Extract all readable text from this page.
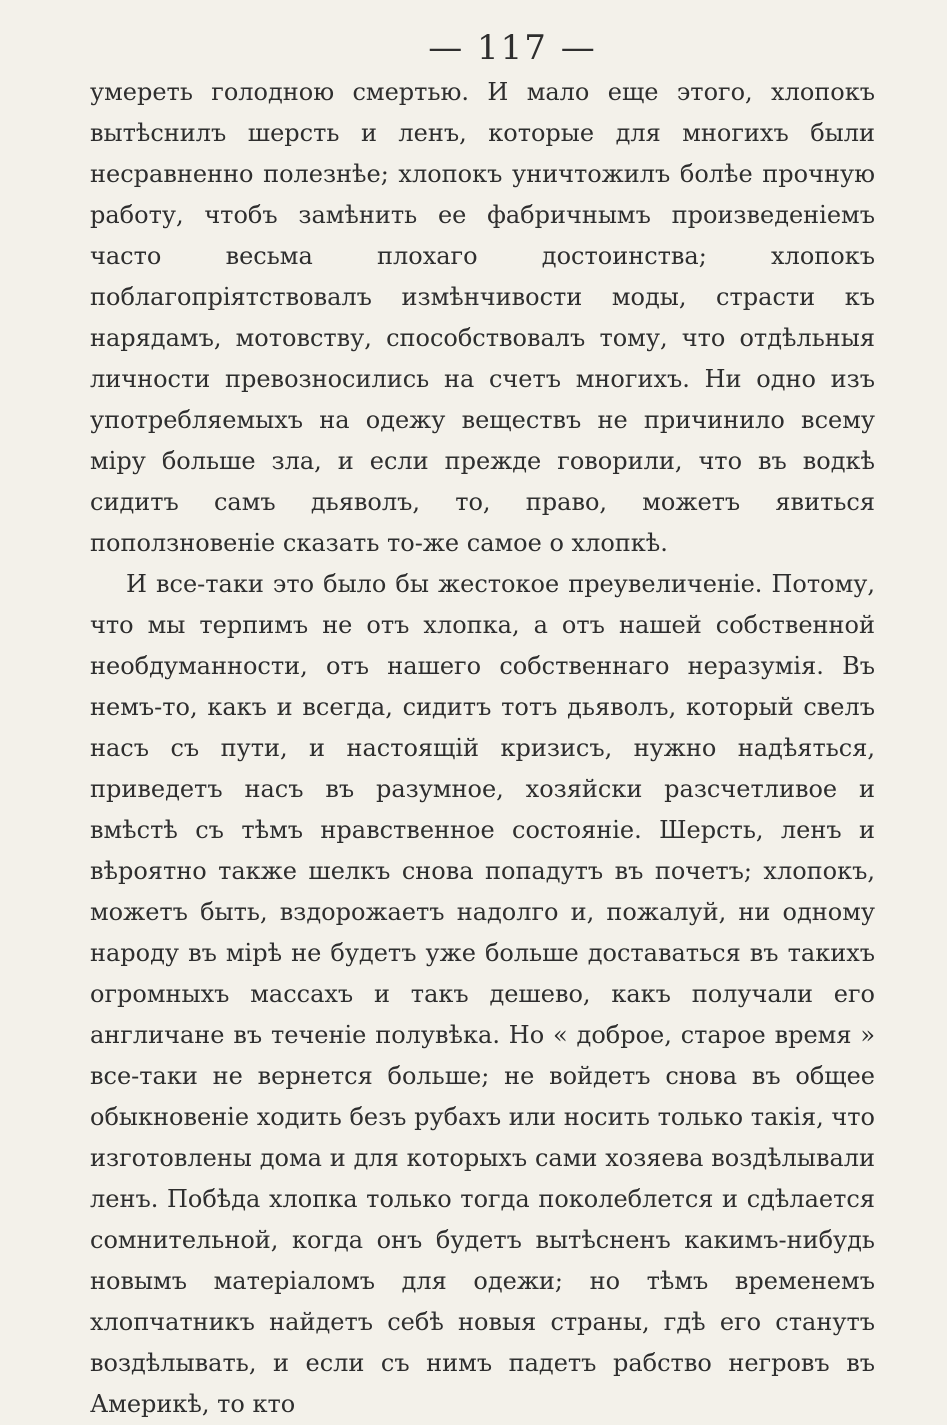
— 117 —

умереть голодною смертью. И мало еще этого, хлопокъ вытѣснилъ шерсть и ленъ, которые для многихъ были несравненно полезнѣе; хлопокъ уничтожилъ болѣе прочную работу, чтобъ замѣнить ее фабричнымъ произведеніемъ часто весьма плохаго достоинства; хлопокъ поблагопріятствовалъ измѣнчивости моды, страсти къ нарядамъ, мотовству, способствовалъ тому, что отдѣльныя личности превозносились на счетъ многихъ. Ни одно изъ употребляемыхъ на одежу веществъ не причинило всему міру больше зла, и если прежде говорили, что въ водкѣ сидитъ самъ дьяволъ, то, право, можетъ явиться поползновеніе сказать то-же самое о хлопкѣ.

И все-таки это было бы жестокое преувеличеніе. Потому, что мы терпимъ не отъ хлопка, а отъ нашей собственной необдуманности, отъ нашего собственнаго неразумія. Въ немъ-то, какъ и всегда, сидитъ тотъ дьяволъ, который свелъ насъ съ пути, и настоящій кризисъ, нужно надѣяться, приведетъ насъ въ разумное, хозяйски разсчетливое и вмѣстѣ съ тѣмъ нравственное состояніе. Шерсть, ленъ и вѣроятно также шелкъ снова попадутъ въ почетъ; хлопокъ, можетъ быть, вздорожаетъ надолго и, пожалуй, ни одному народу въ мірѣ не будетъ уже больше доставаться въ такихъ огромныхъ массахъ и такъ дешево, какъ получали его англичане въ теченіе полувѣка. Но « доброе, старое время » все-таки не вернется больше; не войдетъ снова въ общее обыкновеніе ходить безъ рубахъ или носить только такія, что изготовлены дома и для которыхъ сами хозяева воздѣлывали ленъ. Побѣда хлопка только тогда поколеблется и сдѣлается сомнительной, когда онъ будетъ вытѣсненъ какимъ-нибудь новымъ матеріаломъ для одежи; но тѣмъ временемъ хлопчатникъ найдетъ себѣ новыя страны, гдѣ его станутъ воздѣлывать, и если съ нимъ падетъ рабство негровъ въ Америкѣ, то кто
